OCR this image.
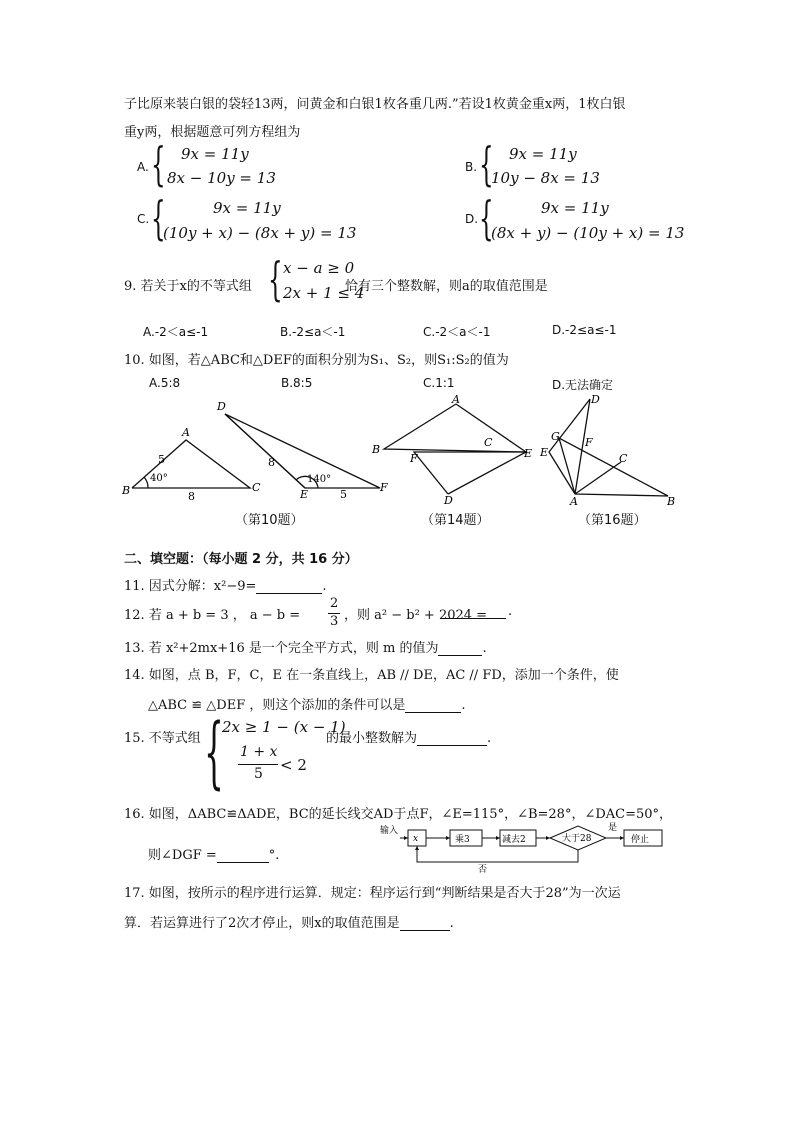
子比原来装白银的袋轻13两，问黄金和白银1枚各重几两.”若设1枚黄金重x两，1枚白银
重y两，根据题意可列方程组为
A. { 9x = 11y
8x − 10y = 13
B. { 9x = 11y
10y − 8x = 13
C. {	9x = 11y
(10y + x) − (8x + y) = 13
D. {	9x = 11y
(8x + y) − (10y + x) = 13
9. 若关于x的不等式组 { x − a ≥ 0
2x + 1 ≤ 4
恰有三个整数解，则a的取值范围是
A.-2＜a≤-1	B.-2≤a＜-1	C.-2＜a＜-1	D.-2≤a≤-1
10. 如图，若△ABC和△DEF的面积分别为S₁、S₂，则S₁:S₂的值为
A.5:8	B.8:5	C.1:1	D.无法确定
A
B	C
D
E
F
5
8
40°
8
5
140°
（第10题）
A
B
C
D
E
F
（第14题）
A	B
C
D
E
F
G
（第16题）
二、填空题：（每小题 2 分，共 16 分）
11. 因式分解：x²−9=	.
12. 若 a + b = 3 ， a − b =
2
3 ，则 a² − b² + 2024 = .
13. 若 x²+2mx+16 是一个完全平方式，则 m 的值为	.
14. 如图，点 B，F，C，E 在一条直线上，AB // DE，AC // FD，添加一个条件，使
△ABC ≌ △DEF ，则这个添加的条件可以是	.
15. 不等式组 {
2x ≥ 1 − (x − 1)
1 + x
5 < 2
的最小整数解为	.
16. 如图，ΔABC≌ΔADE，BC的延长线交AD于点F，∠E=115°，∠B=28°，∠DAC=50°，
则∠DGF =	°.
输入
x	乘3	减去2	大于28
是
停止
否
17. 如图，按所示的程序进行运算．规定：程序运行到“判断结果是否大于28”为一次运
算．若运算进行了2次才停止，则x的取值范围是	.
